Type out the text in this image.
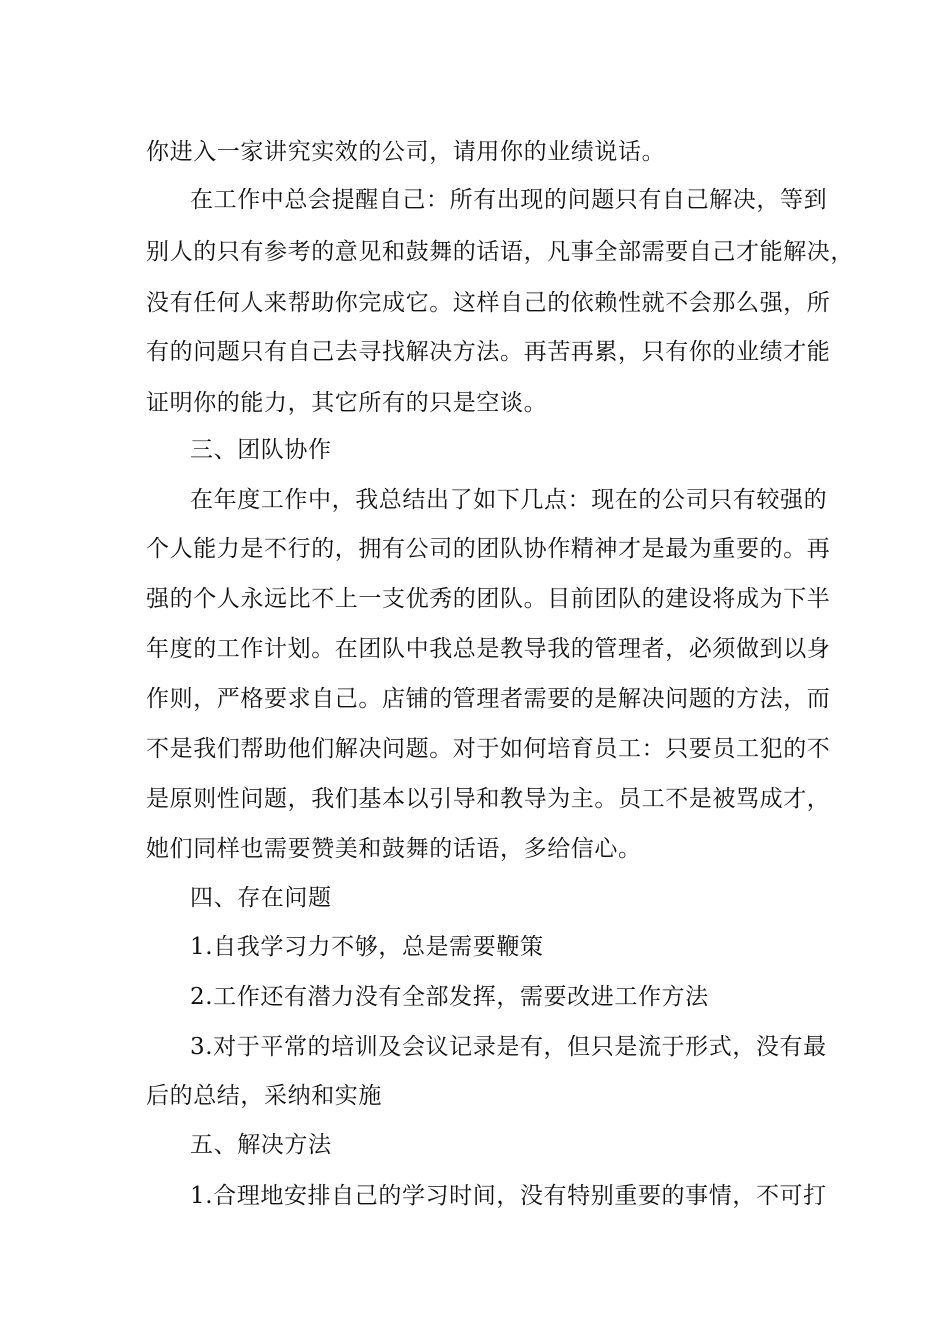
你进入一家讲究实效的公司，请用你的业绩说话。
在工作中总会提醒自己：所有出现的问题只有自己解决，等到
别人的只有参考的意见和鼓舞的话语，凡事全部需要自己才能解决，
没有任何人来帮助你完成它。这样自己的依赖性就不会那么强，所
有的问题只有自己去寻找解决方法。再苦再累，只有你的业绩才能
证明你的能力，其它所有的只是空谈。
三、团队协作
在年度工作中，我总结出了如下几点：现在的公司只有较强的
个人能力是不行的，拥有公司的团队协作精神才是最为重要的。再
强的个人永远比不上一支优秀的团队。目前团队的建设将成为下半
年度的工作计划。在团队中我总是教导我的管理者，必须做到以身
作则，严格要求自己。店铺的管理者需要的是解决问题的方法，而
不是我们帮助他们解决问题。对于如何培育员工：只要员工犯的不
是原则性问题，我们基本以引导和教导为主。员工不是被骂成才，
她们同样也需要赞美和鼓舞的话语，多给信心。
四、存在问题
1.自我学习力不够，总是需要鞭策
2.工作还有潜力没有全部发挥，需要改进工作方法
3.对于平常的培训及会议记录是有，但只是流于形式，没有最
后的总结，采纳和实施
五、解决方法
1.合理地安排自己的学习时间，没有特别重要的事情，不可打
